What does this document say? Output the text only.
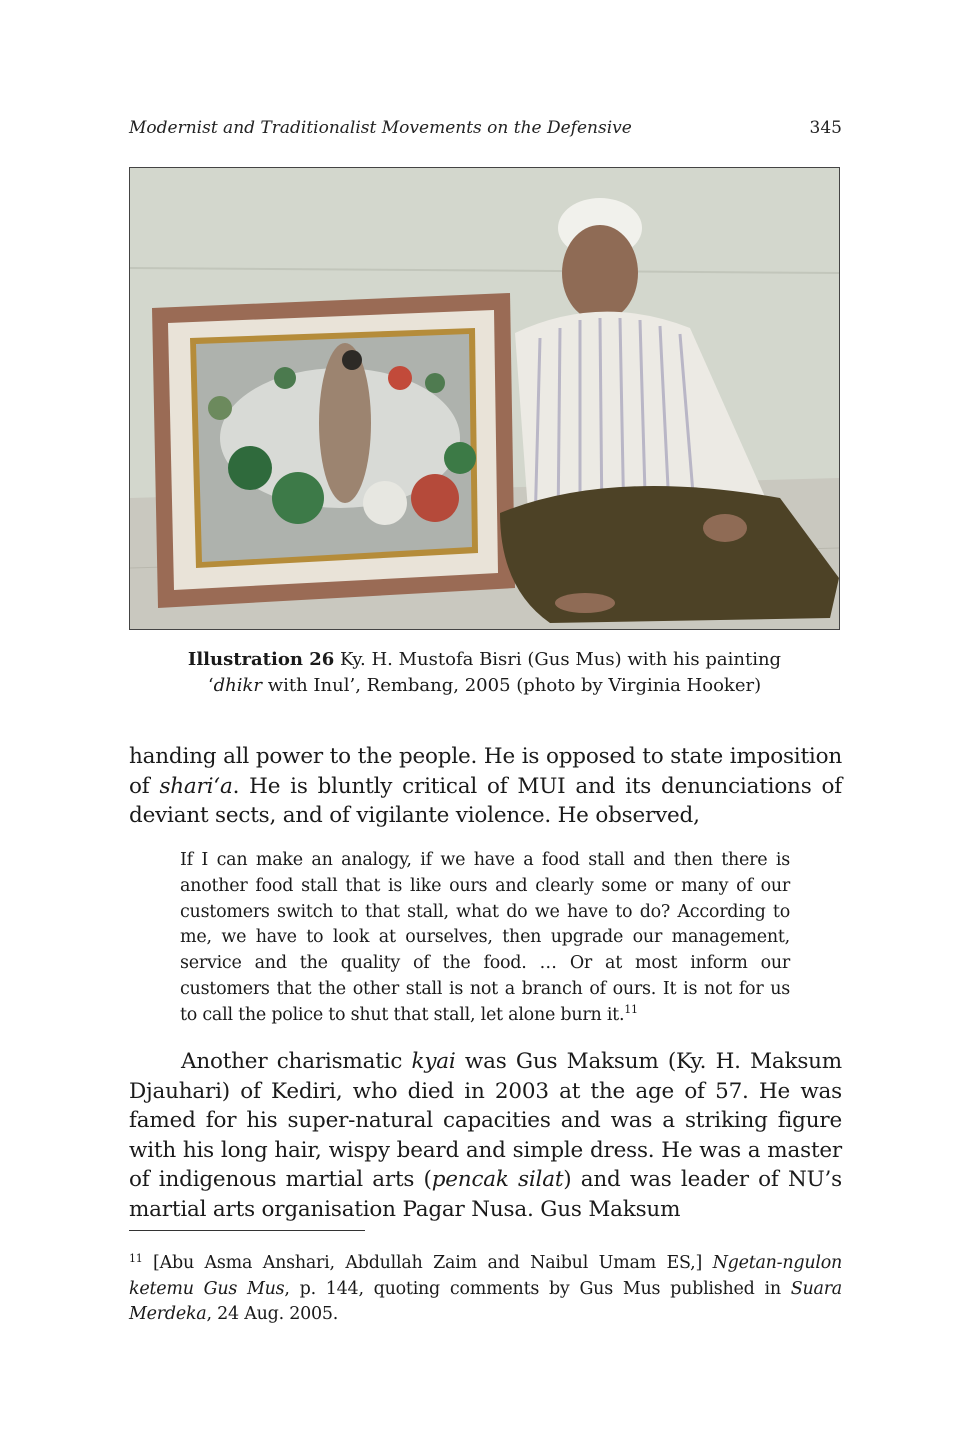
Modernist and Traditionalist Movements on the Defensive	345
Illustration 26 Ky. H. Mustofa Bisri (Gus Mus) with his painting
‘dhikr with Inul’, Rembang, 2005 (photo by Virginia Hooker)
handing all power to the people. He is opposed to state imposition of shari‘a. He is bluntly critical of MUI and its denunciations of deviant sects, and of vigilante violence. He observed,
If I can make an analogy, if we have a food stall and then there is another food stall that is like ours and clearly some or many of our customers switch to that stall, what do we have to do? According to me, we have to look at ourselves, then upgrade our management, service and the quality of the food. … Or at most inform our customers that the other stall is not a branch of ours. It is not for us to call the police to shut that stall, let alone burn it.$^{11}$
Another charismatic kyai was Gus Maksum (Ky. H. Maksum Djauhari) of Kediri, who died in 2003 at the age of 57. He was famed for his super-natural capacities and was a striking figure with his long hair, wispy beard and simple dress. He was a master of indigenous martial arts (pencak silat) and was leader of NU’s martial arts organisation Pagar Nusa. Gus Maksum
$^{11}$ [Abu Asma Anshari, Abdullah Zaim and Naibul Umam ES,] Ngetan-ngulon ketemu Gus Mus, p. 144, quoting comments by Gus Mus published in Suara Merdeka, 24 Aug. 2005.
